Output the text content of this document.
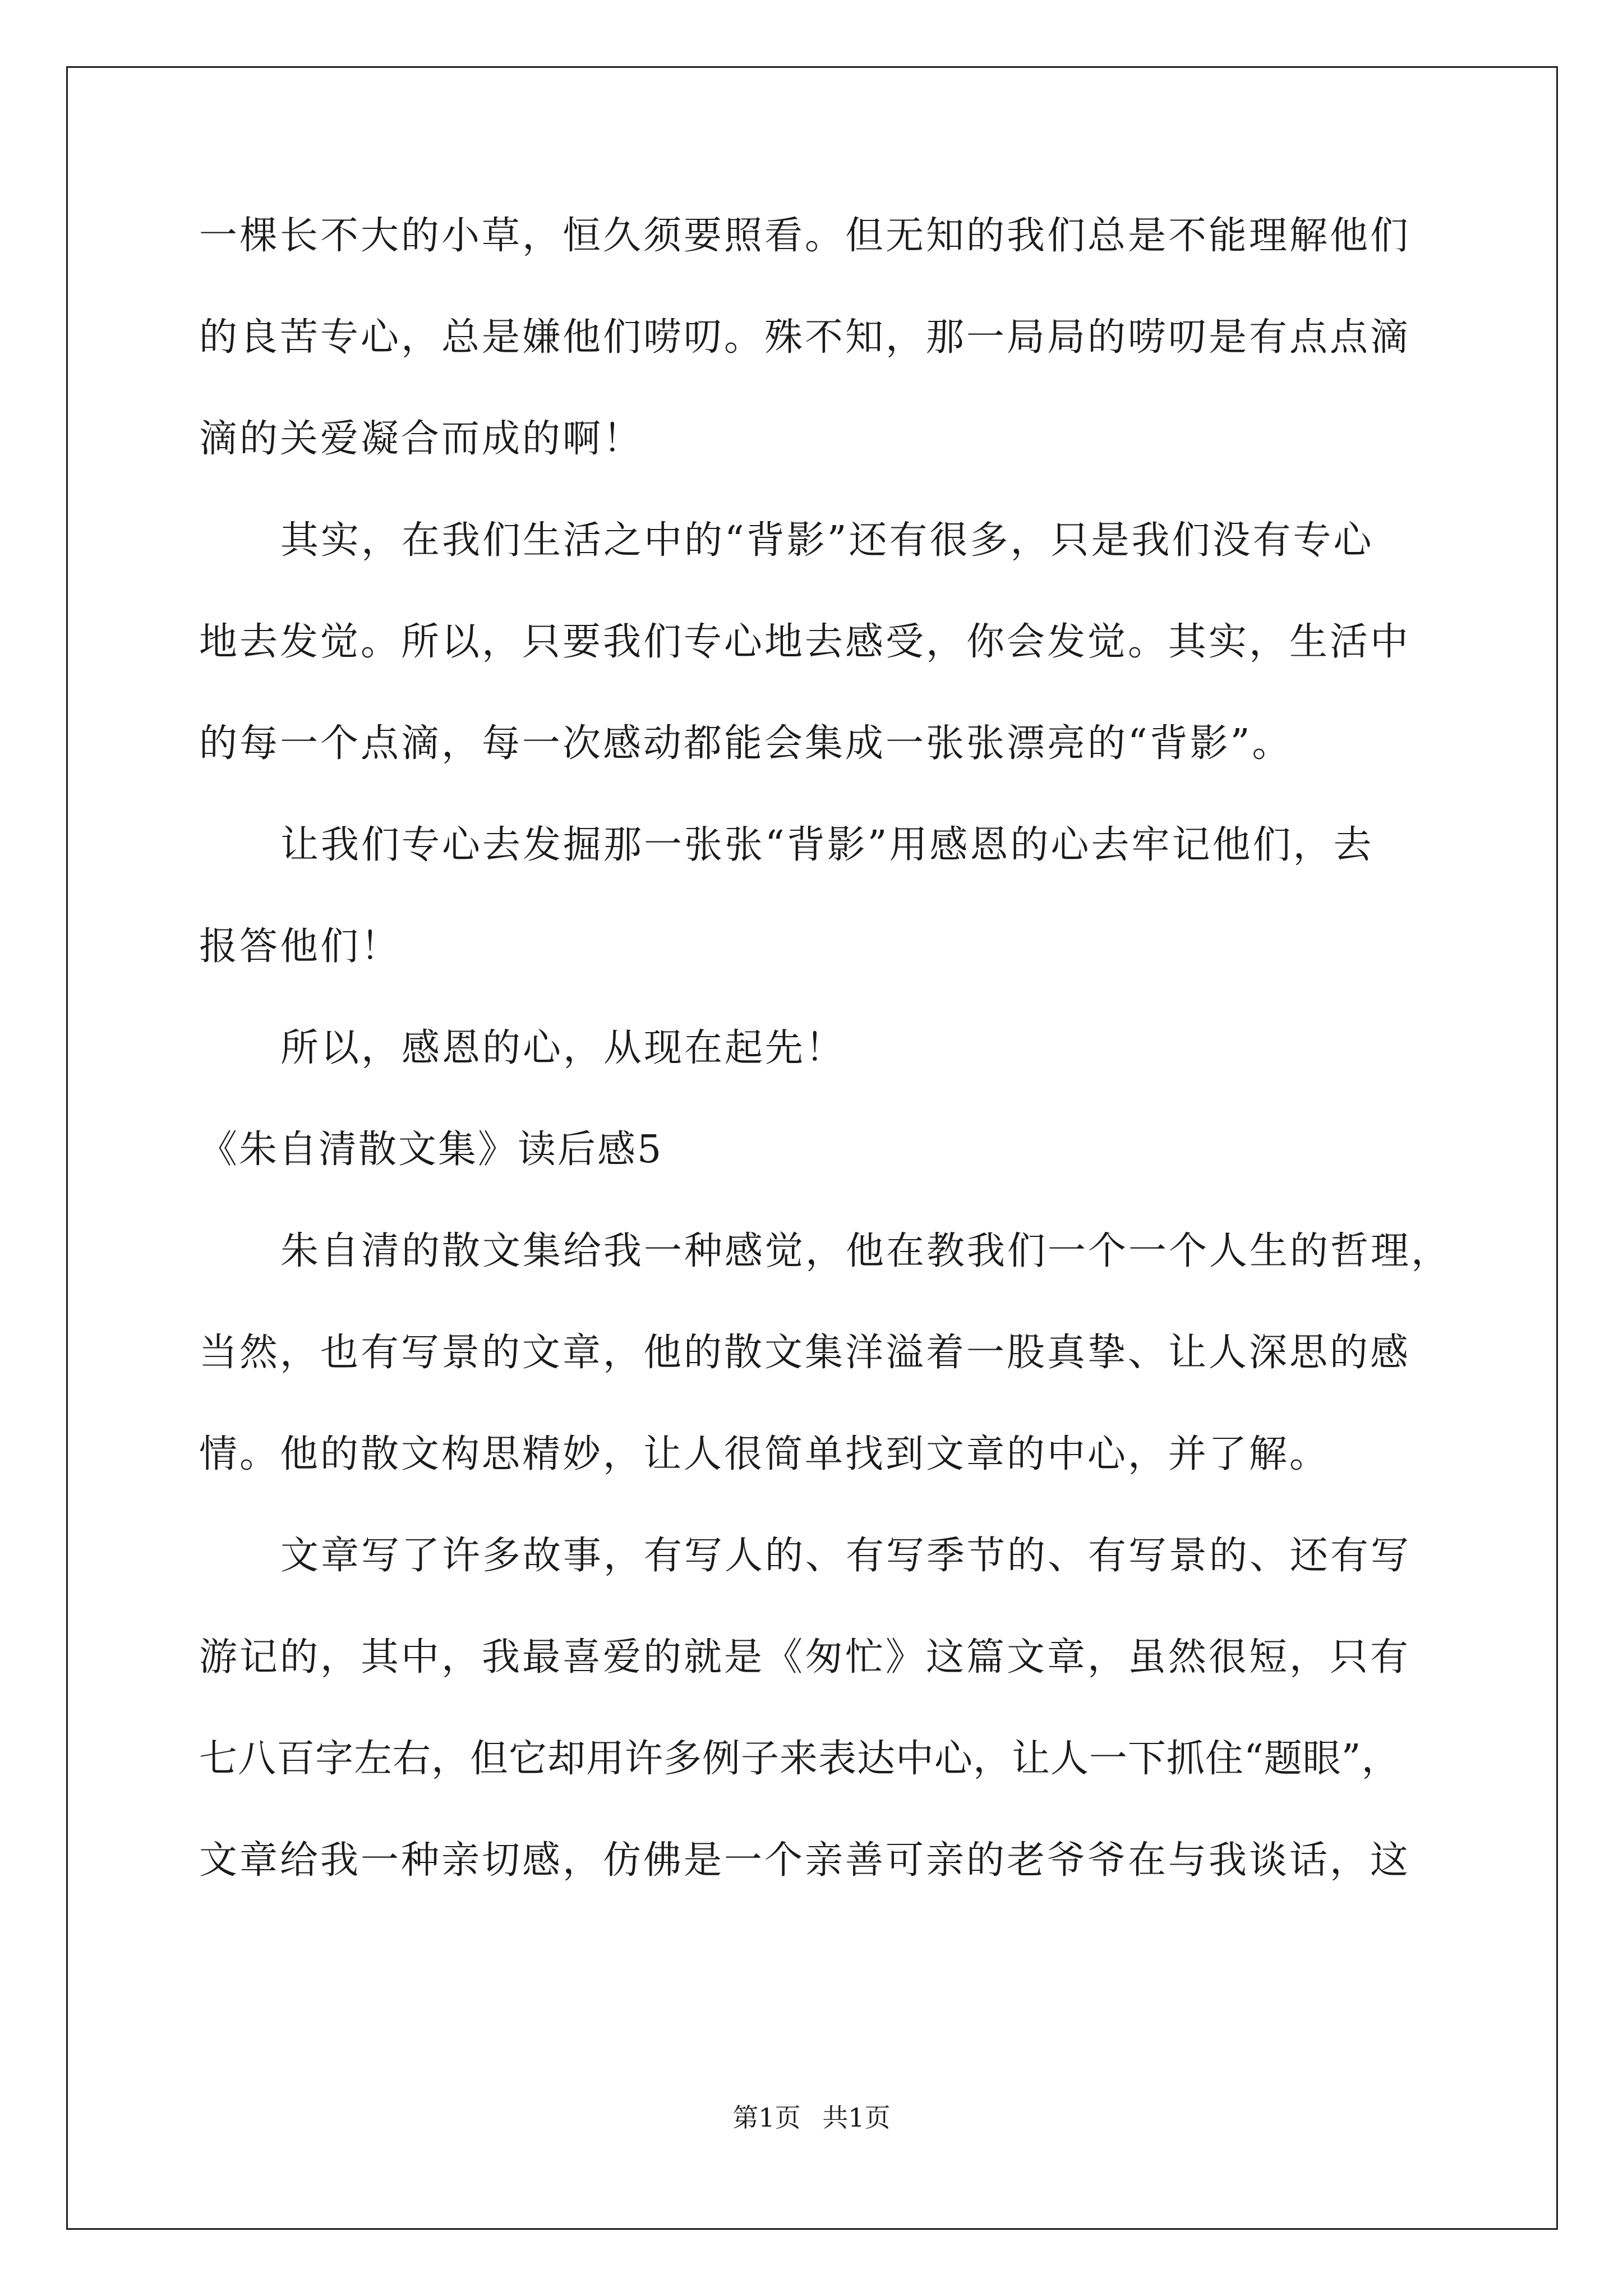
一棵长不大的小草，恒久须要照看。但无知的我们总是不能理解他们
的良苦专心，总是嫌他们唠叨。殊不知，那一局局的唠叨是有点点滴
滴的关爱凝合而成的啊！
其实，在我们生活之中的“背影”还有很多，只是我们没有专心
地去发觉。所以，只要我们专心地去感受，你会发觉。其实，生活中
的每一个点滴，每一次感动都能会集成一张张漂亮的“背影”。
让我们专心去发掘那一张张“背影”用感恩的心去牢记他们，去
报答他们！
所以，感恩的心，从现在起先！
《朱自清散文集》读后感5
朱自清的散文集给我一种感觉，他在教我们一个一个人生的哲理，
当然，也有写景的文章，他的散文集洋溢着一股真挚、让人深思的感
情。他的散文构思精妙，让人很简单找到文章的中心，并了解。
文章写了许多故事，有写人的、有写季节的、有写景的、还有写
游记的，其中，我最喜爱的就是《匆忙》这篇文章，虽然很短，只有
七八百字左右，但它却用许多例子来表达中心，让人一下抓住“题眼”，
文章给我一种亲切感，仿佛是一个亲善可亲的老爷爷在与我谈话，这
第1页 共1页
